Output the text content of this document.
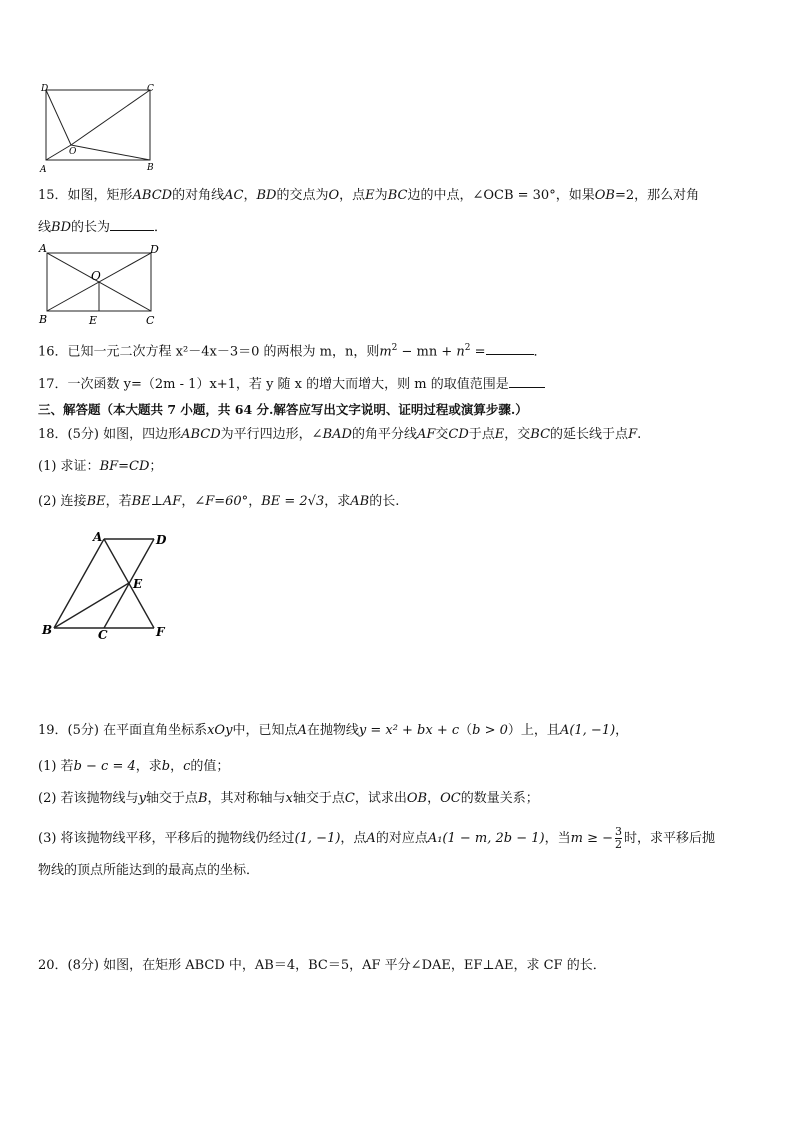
D	C
A	B
O
15．如图，矩形ABCD的对角线AC，BD的交点为O，点E为BC边的中点，∠OCB = 30°，如果OB=2，那么对角
线BD的长为	．
A	D
O
B	E	C
16．已知一元二次方程 x²－4x－3＝0 的两根为 m，n，则$m^2$ − mn + $n^2$ =	．
17．一次函数 y=（2m - 1）x+1，若 y 随 x 的增大而增大，则 m 的取值范围是
三、解答题（本大题共 7 小题，共 64 分.解答应写出文字说明、证明过程或演算步骤.）
18．(5分) 如图，四边形ABCD为平行四边形，∠BAD的角平分线AF交CD于点E，交BC的延长线于点F.
(1) 求证：BF=CD；
(2) 连接BE，若BE⊥AF，∠F=60°，BE = 2√3，求AB的长.
A	D
E
B	C	F
19．(5分) 在平面直角坐标系xOy中，已知点A在抛物线y = x² + bx + c（b > 0）上，且A(1, −1)，
(1) 若b − c = 4，求b，c的值；
(2) 若该抛物线与y轴交于点B，其对称轴与x轴交于点C，试求出OB，OC的数量关系；
(3) 将该抛物线平移，平移后的抛物线仍经过(1, −1)，点A的对应点A₁(1 − m, 2b − 1)，当m ≥ − $\frac{3}{2}$ 时，求平移后抛
物线的顶点所能达到的最高点的坐标．
20．(8分) 如图，在矩形 ABCD 中，AB＝4，BC＝5，AF 平分∠DAE，EF⊥AE，求 CF 的长．
